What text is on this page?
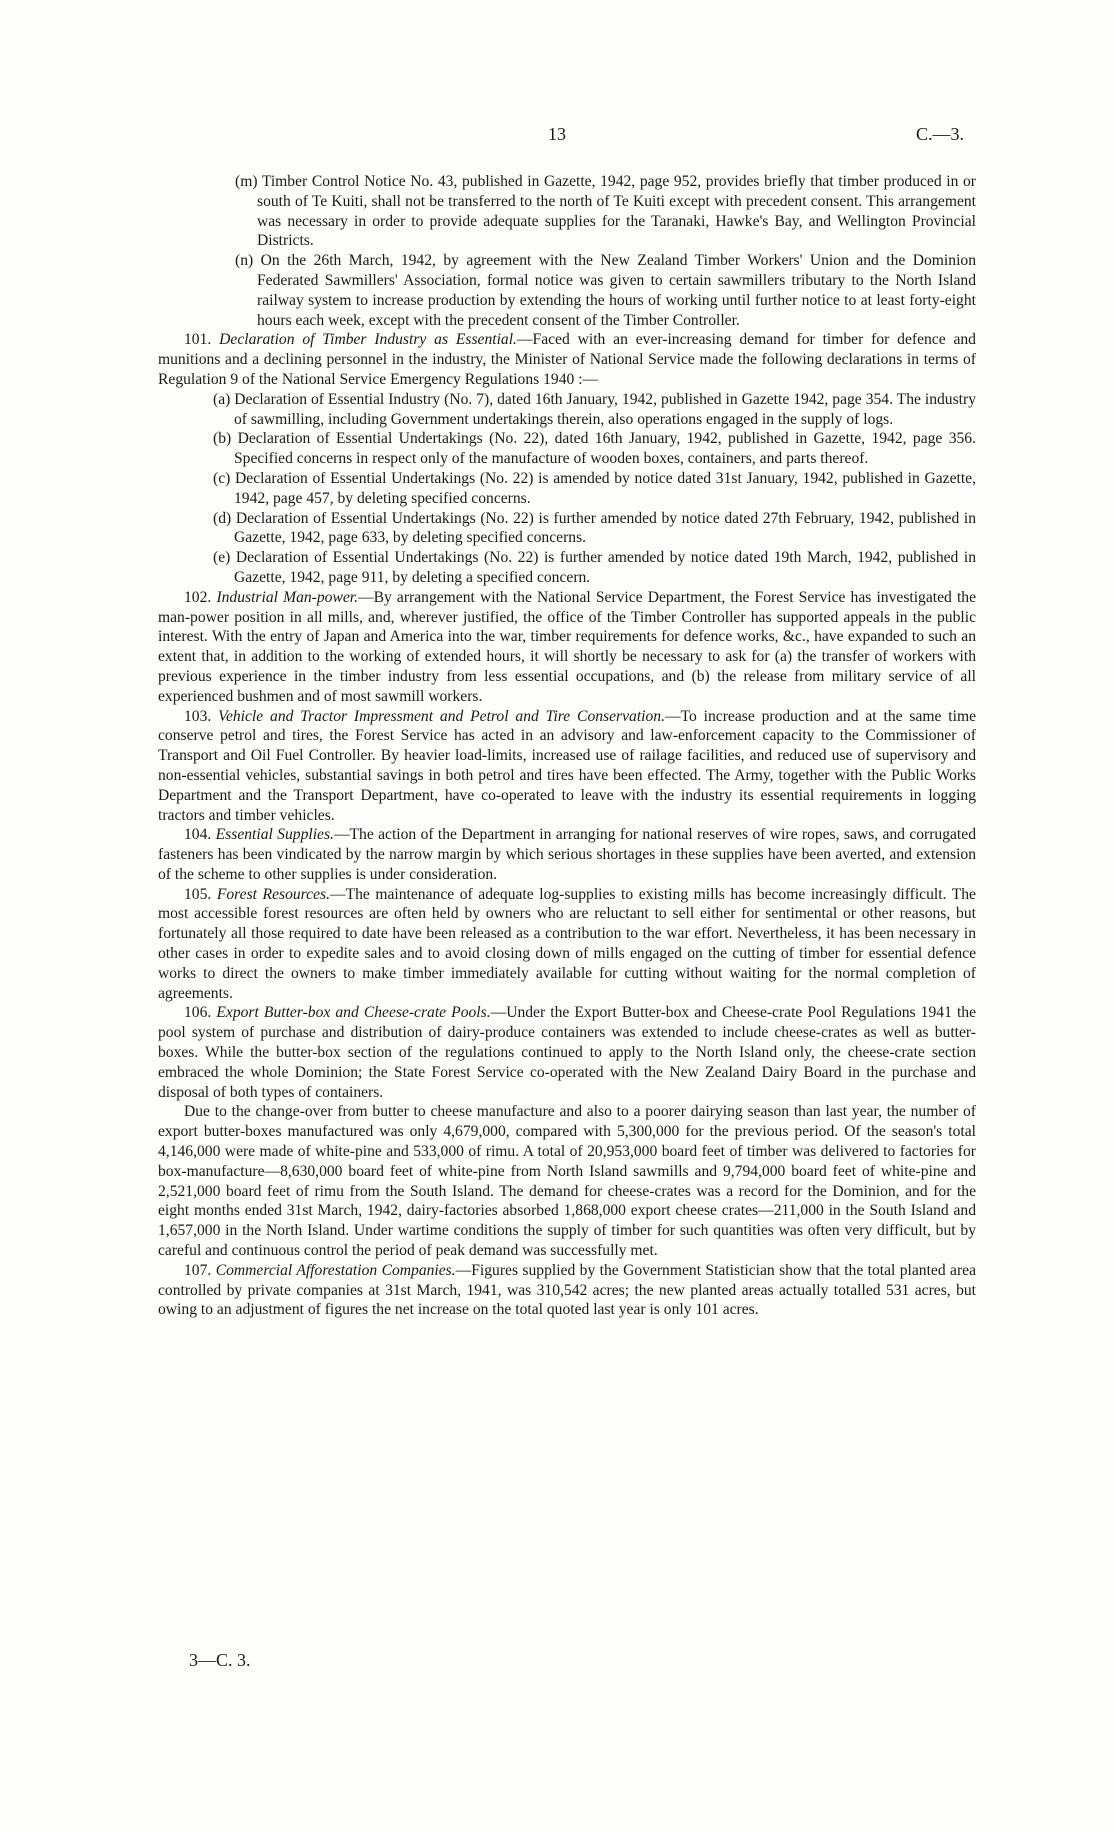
13	C.—3.

(m) Timber Control Notice No. 43, published in Gazette, 1942, page 952, provides briefly that timber produced in or south of Te Kuiti, shall not be transferred to the north of Te Kuiti except with precedent consent. This arrangement was necessary in order to provide adequate supplies for the Taranaki, Hawke's Bay, and Wellington Provincial Districts.

(n) On the 26th March, 1942, by agreement with the New Zealand Timber Workers' Union and the Dominion Federated Sawmillers' Association, formal notice was given to certain sawmillers tributary to the North Island railway system to increase production by extending the hours of working until further notice to at least forty-eight hours each week, except with the precedent consent of the Timber Controller.

101. Declaration of Timber Industry as Essential.—Faced with an ever-increasing demand for timber for defence and munitions and a declining personnel in the industry, the Minister of National Service made the following declarations in terms of Regulation 9 of the National Service Emergency Regulations 1940 :—

(a) Declaration of Essential Industry (No. 7), dated 16th January, 1942, published in Gazette 1942, page 354. The industry of sawmilling, including Government undertakings therein, also operations engaged in the supply of logs.

(b) Declaration of Essential Undertakings (No. 22), dated 16th January, 1942, published in Gazette, 1942, page 356. Specified concerns in respect only of the manufacture of wooden boxes, containers, and parts thereof.

(c) Declaration of Essential Undertakings (No. 22) is amended by notice dated 31st January, 1942, published in Gazette, 1942, page 457, by deleting specified concerns.

(d) Declaration of Essential Undertakings (No. 22) is further amended by notice dated 27th February, 1942, published in Gazette, 1942, page 633, by deleting specified concerns.

(e) Declaration of Essential Undertakings (No. 22) is further amended by notice dated 19th March, 1942, published in Gazette, 1942, page 911, by deleting a specified concern.

102. Industrial Man-power.—By arrangement with the National Service Department, the Forest Service has investigated the man-power position in all mills, and, wherever justified, the office of the Timber Controller has supported appeals in the public interest. With the entry of Japan and America into the war, timber requirements for defence works, &c., have expanded to such an extent that, in addition to the working of extended hours, it will shortly be necessary to ask for (a) the transfer of workers with previous experience in the timber industry from less essential occupations, and (b) the release from military service of all experienced bushmen and of most sawmill workers.

103. Vehicle and Tractor Impressment and Petrol and Tire Conservation.—To increase production and at the same time conserve petrol and tires, the Forest Service has acted in an advisory and law-enforcement capacity to the Commissioner of Transport and Oil Fuel Controller. By heavier load-limits, increased use of railage facilities, and reduced use of supervisory and non-essential vehicles, substantial savings in both petrol and tires have been effected. The Army, together with the Public Works Department and the Transport Department, have co-operated to leave with the industry its essential requirements in logging tractors and timber vehicles.

104. Essential Supplies.—The action of the Department in arranging for national reserves of wire ropes, saws, and corrugated fasteners has been vindicated by the narrow margin by which serious shortages in these supplies have been averted, and extension of the scheme to other supplies is under consideration.

105. Forest Resources.—The maintenance of adequate log-supplies to existing mills has become increasingly difficult. The most accessible forest resources are often held by owners who are reluctant to sell either for sentimental or other reasons, but fortunately all those required to date have been released as a contribution to the war effort. Nevertheless, it has been necessary in other cases in order to expedite sales and to avoid closing down of mills engaged on the cutting of timber for essential defence works to direct the owners to make timber immediately available for cutting without waiting for the normal completion of agreements.

106. Export Butter-box and Cheese-crate Pools.—Under the Export Butter-box and Cheese-crate Pool Regulations 1941 the pool system of purchase and distribution of dairy-produce containers was extended to include cheese-crates as well as butter-boxes. While the butter-box section of the regulations continued to apply to the North Island only, the cheese-crate section embraced the whole Dominion; the State Forest Service co-operated with the New Zealand Dairy Board in the purchase and disposal of both types of containers.

Due to the change-over from butter to cheese manufacture and also to a poorer dairying season than last year, the number of export butter-boxes manufactured was only 4,679,000, compared with 5,300,000 for the previous period. Of the season's total 4,146,000 were made of white-pine and 533,000 of rimu. A total of 20,953,000 board feet of timber was delivered to factories for box-manufacture—8,630,000 board feet of white-pine from North Island sawmills and 9,794,000 board feet of white-pine and 2,521,000 board feet of rimu from the South Island. The demand for cheese-crates was a record for the Dominion, and for the eight months ended 31st March, 1942, dairy-factories absorbed 1,868,000 export cheese crates—211,000 in the South Island and 1,657,000 in the North Island. Under wartime conditions the supply of timber for such quantities was often very difficult, but by careful and continuous control the period of peak demand was successfully met.

107. Commercial Afforestation Companies.—Figures supplied by the Government Statistician show that the total planted area controlled by private companies at 31st March, 1941, was 310,542 acres; the new planted areas actually totalled 531 acres, but owing to an adjustment of figures the net increase on the total quoted last year is only 101 acres.

3—C. 3.
